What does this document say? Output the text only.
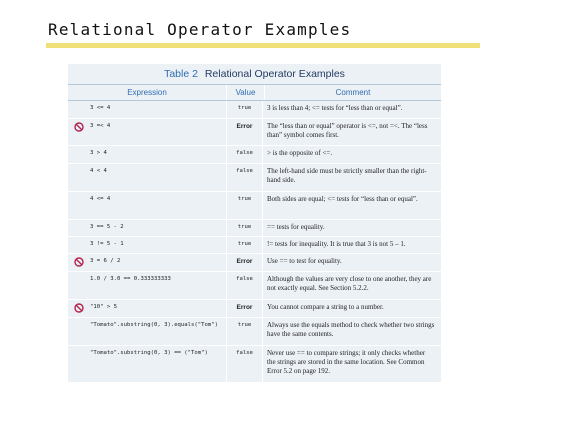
Relational Operator Examples
Table 2 Relational Operator Examples
Expression	Value	Comment
3 <= 4	true	3 is less than 4; <= tests for “less than or equal”.
3 =< 4	Error	The “less than or equal” operator is <=, not =<. The “less than” symbol comes first.
3 > 4	false	> is the opposite of <=.
4 < 4	false	The left-hand side must be strictly smaller than the right-hand side.
4 <= 4	true	Both sides are equal; <= tests for “less than or equal”.
3 == 5 - 2	true	== tests for equality.
3 != 5 - 1	true	!= tests for inequality. It is true that 3 is not 5 – 1.
3 = 6 / 2	Error	Use == to test for equality.
1.0 / 3.0 == 0.333333333	false	Although the values are very close to one another, they are not exactly equal. See Section 5.2.2.
"10" > 5	Error	You cannot compare a string to a number.
"Tomato".substring(0, 3).equals("Tom")	true	Always use the equals method to check whether two strings have the same contents.
"Tomato".substring(0, 3) == ("Tom")	false	Never use == to compare strings; it only checks whether the strings are stored in the same location. See Common Error 5.2 on page 192.
